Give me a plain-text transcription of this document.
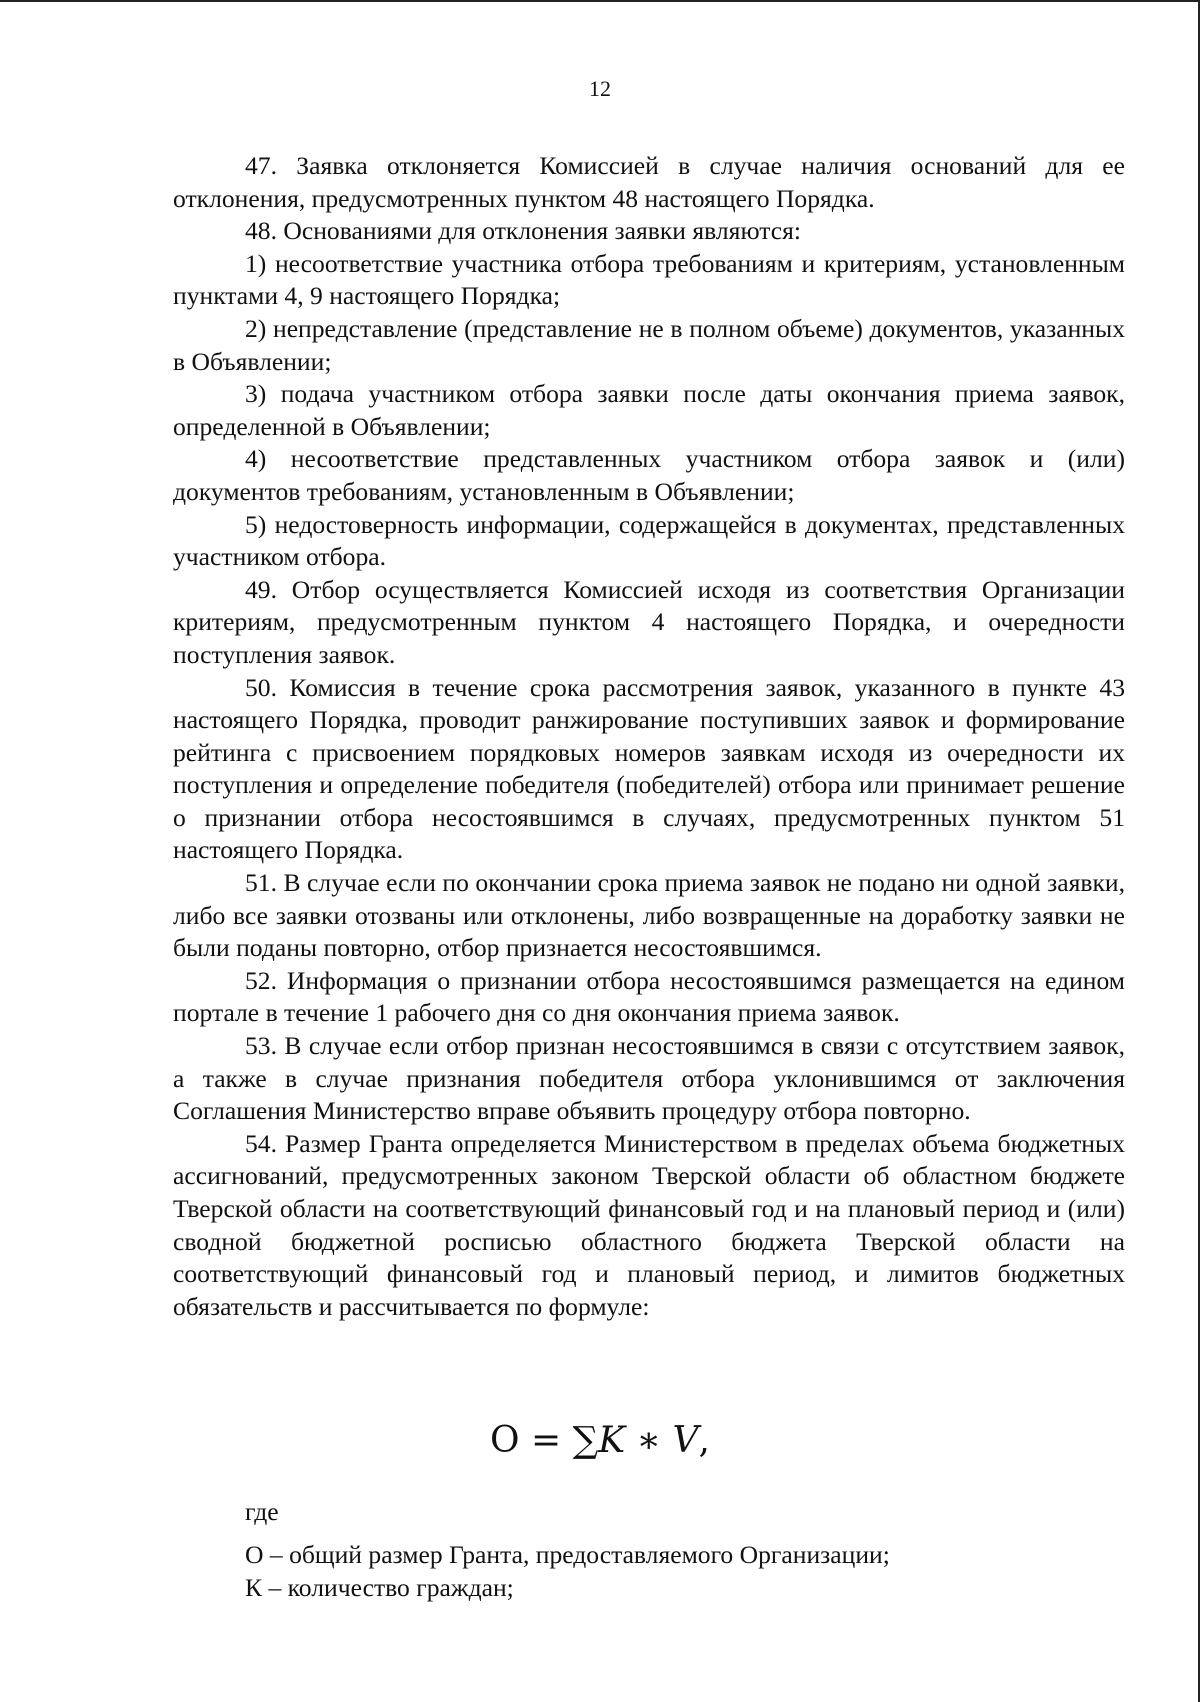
12

47. Заявка отклоняется Комиссией в случае наличия оснований для ее отклонения, предусмотренных пунктом 48 настоящего Порядка.

48. Основаниями для отклонения заявки являются:

1) несоответствие участника отбора требованиям и критериям, установленным пунктами 4, 9 настоящего Порядка;

2) непредставление (представление не в полном объеме) документов, указанных в Объявлении;

3) подача участником отбора заявки после даты окончания приема заявок, определенной в Объявлении;

4) несоответствие представленных участником отбора заявок и (или) документов требованиям, установленным в Объявлении;

5) недостоверность информации, содержащейся в документах, представленных участником отбора.

49. Отбор осуществляется Комиссией исходя из соответствия Организации критериям, предусмотренным пунктом 4 настоящего Порядка, и очередности поступления заявок.

50. Комиссия в течение срока рассмотрения заявок, указанного в пункте 43 настоящего Порядка, проводит ранжирование поступивших заявок и формирование рейтинга с присвоением порядковых номеров заявкам исходя из очередности их поступления и определение победителя (победителей) отбора или принимает решение о признании отбора несостоявшимся в случаях, предусмотренных пунктом 51 настоящего Порядка.

51. В случае если по окончании срока приема заявок не подано ни одной заявки, либо все заявки отозваны или отклонены, либо возвращенные на доработку заявки не были поданы повторно, отбор признается несостоявшимся.

52. Информация о признании отбора несостоявшимся размещается на едином портале в течение 1 рабочего дня со дня окончания приема заявок.

53. В случае если отбор признан несостоявшимся в связи с отсутствием заявок, а также в случае признания победителя отбора уклонившимся от заключения Соглашения Министерство вправе объявить процедуру отбора повторно.

54. Размер Гранта определяется Министерством в пределах объема бюджетных ассигнований, предусмотренных законом Тверской области об областном бюджете Тверской области на соответствующий финансовый год и на плановый период и (или) сводной бюджетной росписью областного бюджета Тверской области на соответствующий финансовый год и плановый период, и лимитов бюджетных обязательств и рассчитывается по формуле:

O = ∑K ∗ V,
где
О – общий размер Гранта, предоставляемого Организации;
К – количество граждан;
